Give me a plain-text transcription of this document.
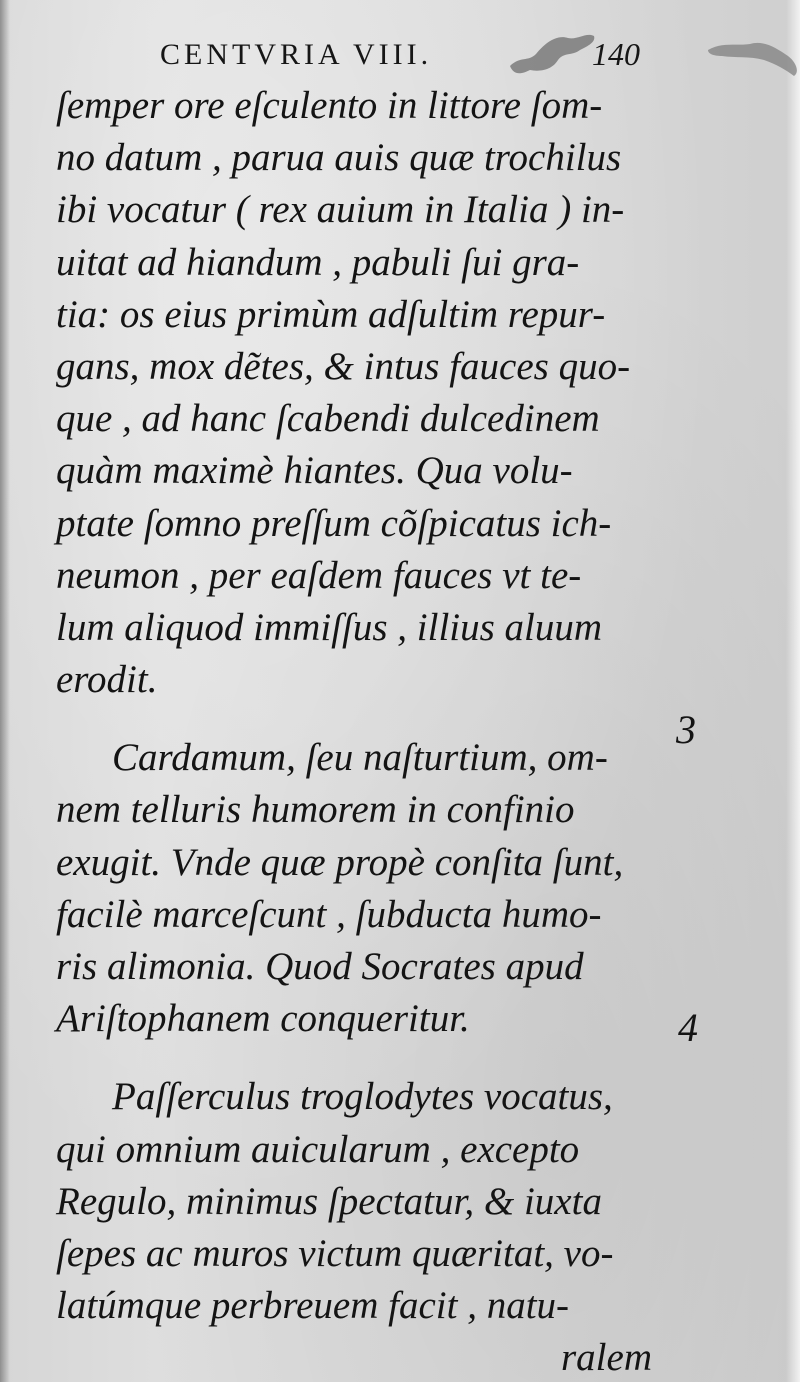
CENTVRIA VIII.	140
ſemper ore eſculento in littore ſom-
no datum , parua auis quæ trochilus
ibi vocatur ( rex auium in Italia ) in-
uitat ad hiandum , pabuli ſui gra-
tia: os eius primùm adſultim repur-
gans, mox dẽtes, & intus fauces quo-
que , ad hanc ſcabendi dulcedinem
quàm maximè hiantes. Qua volu-
ptate ſomno preſſum cõſpicatus ich-
neumon , per eaſdem fauces vt te-
lum aliquod immiſſus , illius aluum
erodit.
Cardamum, ſeu naſturtium, om-
nem telluris humorem in confinio
exugit. Vnde quæ propè conſita ſunt,
facilè marceſcunt , ſubducta humo-
ris alimonia. Quod Socrates apud
Ariſtophanem conqueritur.
Paſſerculus troglodytes vocatus,
qui omnium auicularum , excepto
Regulo, minimus ſpectatur, & iuxta
ſepes ac muros victum quæritat, vo-
latúmque perbreuem facit , natu-
ralem
3
4
